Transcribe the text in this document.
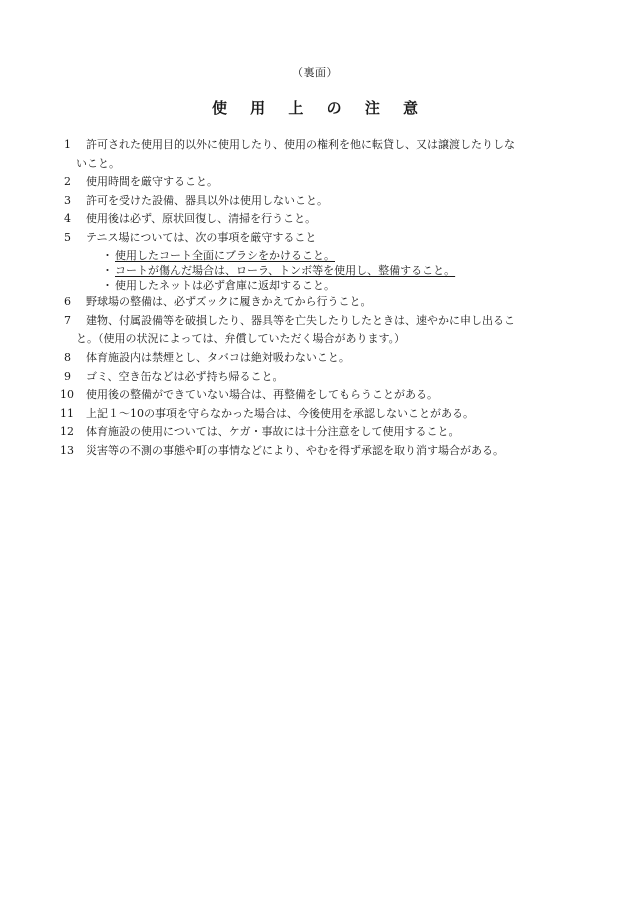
（裏面）
使 用 上 の 注 意
1	許可された使用目的以外に使用したり、使用の権利を他に転貸し、又は譲渡したりしな
いこと。
2	使用時間を厳守すること。
3	許可を受けた設備、器具以外は使用しないこと。
4	使用後は必ず、原状回復し、清掃を行うこと。
5	テニス場については、次の事項を厳守すること
・ 使用したコート全面にブラシをかけること。
・ コートが傷んだ場合は、ローラ、トンボ等を使用し、整備すること。
・ 使用したネットは必ず倉庫に返却すること。
6	野球場の整備は、必ずズックに履きかえてから行うこと。
7	建物、付属設備等を破損したり、器具等を亡失したりしたときは、速やかに申し出るこ
と。（使用の状況によっては、弁償していただく場合があります。）
8	体育施設内は禁煙とし、タバコは絶対吸わないこと。
9	ゴミ、空き缶などは必ず持ち帰ること。
10	使用後の整備ができていない場合は、再整備をしてもらうことがある。
11	上記１～10の事項を守らなかった場合は、今後使用を承認しないことがある。
12	体育施設の使用については、ケガ・事故には十分注意をして使用すること。
13	災害等の不測の事態や町の事情などにより、やむを得ず承認を取り消す場合がある。
